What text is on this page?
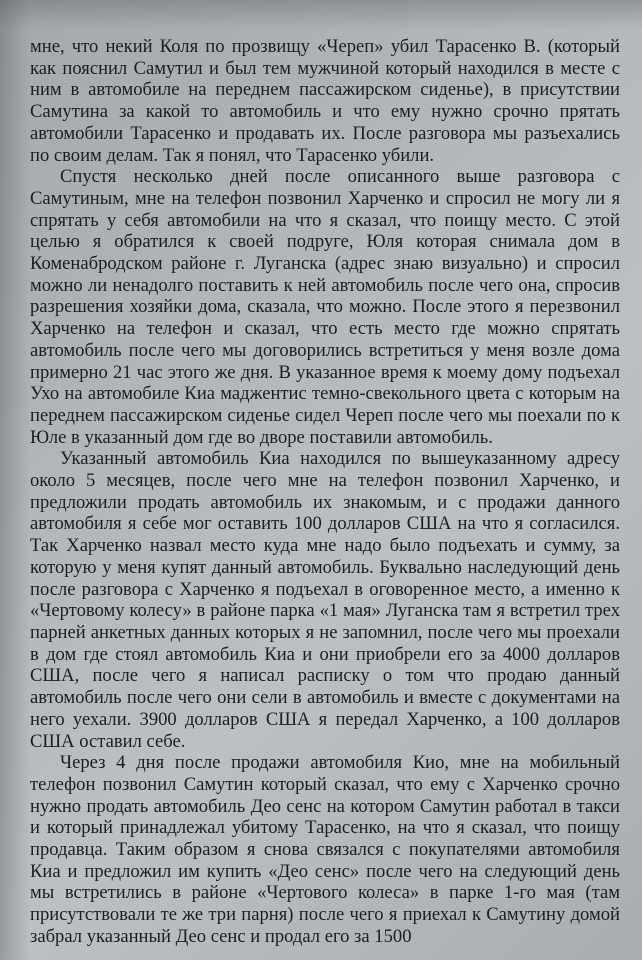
мне, что некий Коля по прозвищу «Череп» убил Тарасенко В. (который как пояснил Самутил и был тем мужчиной который находился в месте с ним в автомобиле на переднем пассажирском сиденье), в присутствии Самутина за какой то автомобиль и что ему нужно срочно прятать автомобили Тарасенко и продавать их. После разговора мы разъехались по своим делам. Так я понял, что Тарасенко убили.

Спустя несколько дней после описанного выше разговора с Самутиным, мне на телефон позвонил Харченко и спросил не могу ли я спрятать у себя автомобили на что я сказал, что поищу место. С этой целью я обратился к своей подруге, Юля которая снимала дом в Коменабродском районе г. Луганска (адрес знаю визуально) и спросил можно ли ненадолго поставить к ней автомобиль после чего она, спросив разрешения хозяйки дома, сказала, что можно. После этого я перезвонил Харченко на телефон и сказал, что есть место где можно спрятать автомобиль после чего мы договорились встретиться у меня возле дома примерно 21 час этого же дня. В указанное время к моему дому подъехал Ухо на автомобиле Киа маджентис темно-свекольного цвета с которым на переднем пассажирском сиденье сидел Череп после чего мы поехали по к Юле в указанный дом где во дворе поставили автомобиль.

Указанный автомобиль Киа находился по вышеуказанному адресу около 5 месяцев, после чего мне на телефон позвонил Харченко, и предложили продать автомобиль их знакомым, и с продажи данного автомобиля я себе мог оставить 100 долларов США на что я согласился. Так Харченко назвал место куда мне надо было подъехать и сумму, за которую у меня купят данный автомобиль. Буквально наследующий день после разговора с Харченко я подъехал в оговоренное место, а именно к «Чертовому колесу» в районе парка «1 мая» Луганска там я встретил трех парней анкетных данных которых я не запомнил, после чего мы проехали в дом где стоял автомобиль Киа и они приобрели его за 4000 долларов США, после чего я написал расписку о том что продаю данный автомобиль после чего они сели в автомобиль и вместе с документами на него уехали. 3900 долларов США я передал Харченко, а 100 долларов США оставил себе.

Через 4 дня после продажи автомобиля Кио, мне на мобильный телефон позвонил Самутин который сказал, что ему с Харченко срочно нужно продать автомобиль Део сенс на котором Самутин работал в такси и который принадлежал убитому Тарасенко, на что я сказал, что поищу продавца. Таким образом я снова связался с покупателями автомобиля Киа и предложил им купить «Део сенс» после чего на следующий день мы встретились в районе «Чертового колеса» в парке 1-го мая (там присутствовали те же три парня) после чего я приехал к Самутину домой забрал указанный Део сенс и продал его за 1500
